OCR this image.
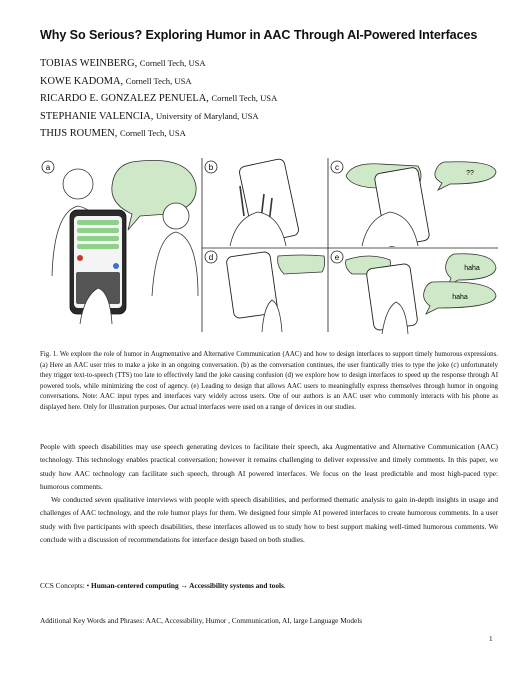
Why So Serious? Exploring Humor in AAC Through AI-Powered Interfaces
TOBIAS WEINBERG, Cornell Tech, USA
KOWE KADOMA, Cornell Tech, USA
RICARDO E. GONZALEZ PENUELA, Cornell Tech, USA
STEPHANIE VALENCIA, University of Maryland, USA
THIJS ROUMEN, Cornell Tech, USA
a	b	c
??
d	e
haha
haha
Fig. 1. We explore the role of humor in Augmentative and Alternative Communication (AAC) and how to design interfaces to support timely humorous expressions. (a) Here an AAC user tries to make a joke in an ongoing conversation. (b) as the conversation continues, the user frantically tries to type the joke (c) unfortunately they trigger text-to-speech (TTS) too late to effectively land the joke causing confusion (d) we explore how to design interfaces to speed up the response through AI powered tools, while minimizing the cost of agency. (e) Leading to design that allows AAC users to meaningfully express themselves through humor in ongoing conversations. Note: AAC input types and interfaces vary widely across users. One of our authors is an AAC user who commonly interacts with his phone as displayed here. Only for illustration purposes. Our actual interfaces were used on a range of devices in our studies.

People with speech disabilities may use speech generating devices to facilitate their speech, aka Augmentative and Alternative Communication (AAC) technology. This technology enables practical conversation; however it remains challenging to deliver expressive and timely comments. In this paper, we study how AAC technology can facilitate such speech, through AI powered interfaces. We focus on the least predictable and most high-paced type: humorous comments.

We conducted seven qualitative interviews with people with speech disabilities, and performed thematic analysis to gain in-depth insights in usage and challenges of AAC technology, and the role humor plays for them. We designed four simple AI powered interfaces to create humorous comments. In a user study with five participants with speech disabilities, these interfaces allowed us to study how to best support making well-timed humorous comments. We conclude with a discussion of recommendations for interface design based on both studies.

CCS Concepts: • Human-centered computing → Accessibility systems and tools.
Additional Key Words and Phrases: AAC, Accessibility, Humor , Communication, AI, large Language Models
1
